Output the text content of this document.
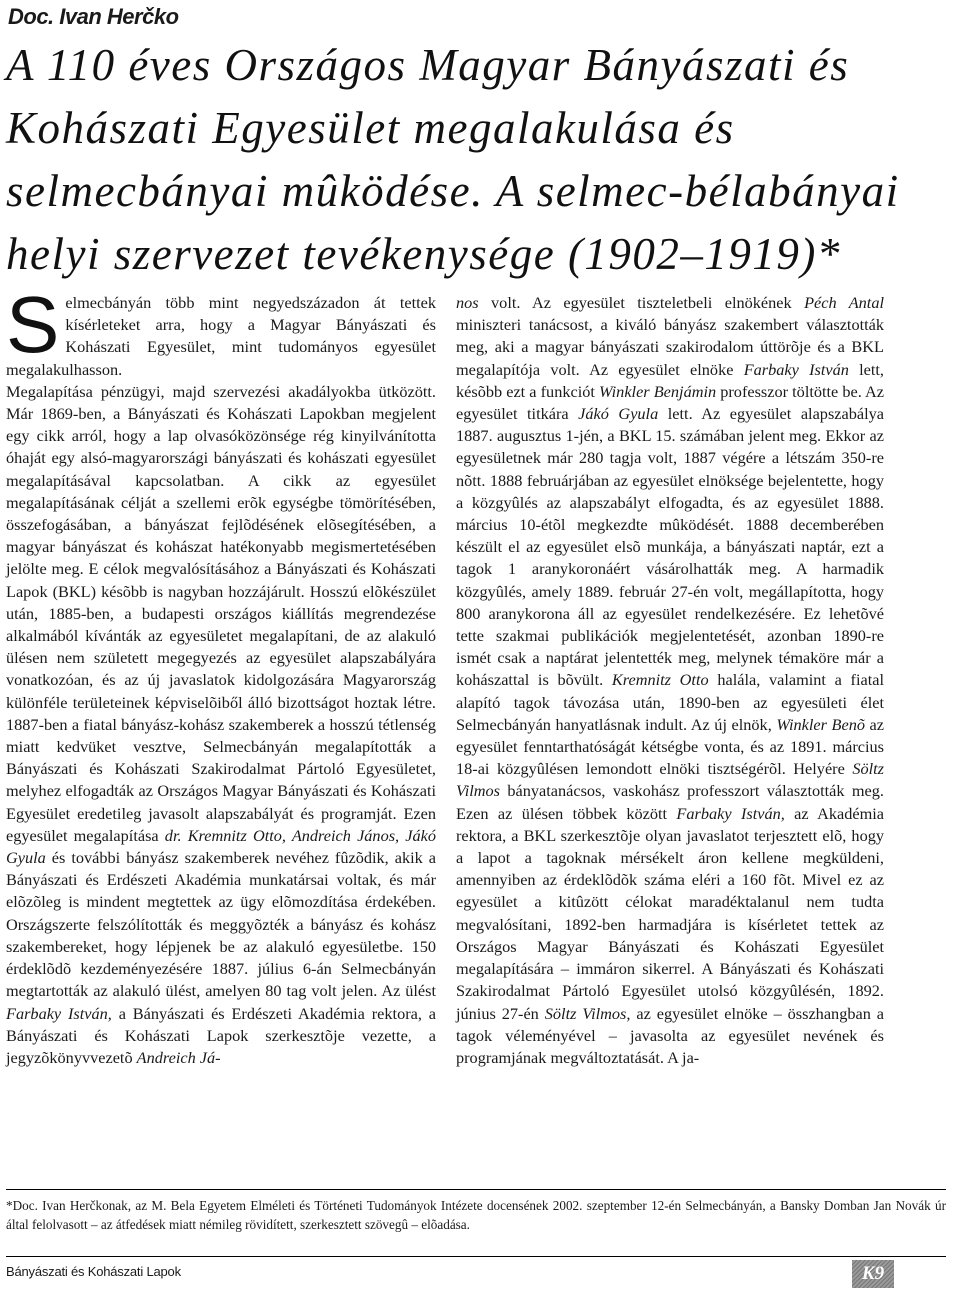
Doc. Ivan Herčko
A 110 éves Országos Magyar Bányászati és Kohászati Egyesület megalakulása és selmecbányai mûködése. A selmec-bélabányai helyi szervezet tevékenysége (1902–1919)*

Selmecbányán több mint negyedszázadon át tettek kísérleteket arra, hogy a Magyar Bányászati és Kohászati Egyesület, mint tudományos egyesület megalakulhasson.

Megalapítása pénzügyi, majd szervezési akadályokba ütközött. Már 1869-ben, a Bányászati és Kohászati Lapokban megjelent egy cikk arról, hogy a lap olvasóközönsége rég kinyilvánította óhaját egy alsó-magyarországi bányászati és kohászati egyesület megalapításával kapcsolatban. A cikk az egyesület megalapításának célját a szellemi erõk egységbe tömörítésében, összefogásában, a bányászat fejlõdésének elõsegítésében, a magyar bányászat és kohászat hatékonyabb megismertetésében jelölte meg. E célok megvalósításához a Bányászati és Kohászati Lapok (BKL) késõbb is nagyban hozzájárult. Hosszú elõkészület után, 1885-ben, a budapesti országos kiállítás megrendezése alkalmából kívánták az egyesületet megalapítani, de az alakuló ülésen nem született megegyezés az egyesület alapszabályára vonatkozóan, és az új javaslatok kidolgozására Magyarország különféle területeinek képviselõiből álló bizottságot hoztak létre. 1887-ben a fiatal bányász-kohász szakemberek a hosszú tétlenség miatt kedvüket vesztve, Selmecbányán megalapították a Bányászati és Kohászati Szakirodalmat Pártoló Egyesületet, melyhez elfogadták az Országos Magyar Bányászati és Kohászati Egyesület eredetileg javasolt alapszabályát és programját. Ezen egyesület megalapítása dr. Kremnitz Otto, Andreich János, Jákó Gyula és további bányász szakemberek nevéhez fûzõdik, akik a Bányászati és Erdészeti Akadémia munkatársai voltak, és már elõzõleg is mindent megtettek az ügy elõmozdítása érdekében. Országszerte felszólították és meggyõzték a bányász és kohász szakembereket, hogy lépjenek be az alakuló egyesületbe. 150 érdeklõdõ kezdeményezésére 1887. július 6-án Selmecbányán megtartották az alakuló ülést, amelyen 80 tag volt jelen. Az ülést Farbaky István, a Bányászati és Erdészeti Akadémia rektora, a Bányászati és Kohászati Lapok szerkesztõje vezette, a jegyzõkönyvvezetõ Andreich Já-

nos volt. Az egyesület tiszteletbeli elnökének Péch Antal miniszteri tanácsost, a kiváló bányász szakembert választották meg, aki a magyar bányászati szakirodalom úttörõje és a BKL megalapítója volt. Az egyesület elnöke Farbaky István lett, késõbb ezt a funkciót Winkler Benjámin professzor töltötte be. Az egyesület titkára Jákó Gyula lett. Az egyesület alapszabálya 1887. augusztus 1-jén, a BKL 15. számában jelent meg. Ekkor az egyesületnek már 280 tagja volt, 1887 végére a létszám 350-re nõtt. 1888 februárjában az egyesület elnöksége bejelentette, hogy a közgyûlés az alapszabályt elfogadta, és az egyesület 1888. március 10-étõl megkezdte mûködését. 1888 decemberében készült el az egyesület elsõ munkája, a bányászati naptár, ezt a tagok 1 aranykoronáért vásárolhatták meg. A harmadik közgyûlés, amely 1889. február 27-én volt, megállapította, hogy 800 aranykorona áll az egyesület rendelkezésére. Ez lehetõvé tette szakmai publikációk megjelentetését, azonban 1890-re ismét csak a naptárat jelentették meg, melynek témaköre már a kohászattal is bõvült. Kremnitz Otto halála, valamint a fiatal alapító tagok távozása után, 1890-ben az egyesületi élet Selmecbányán hanyatlásnak indult. Az új elnök, Winkler Benõ az egyesület fenntarthatóságát kétségbe vonta, és az 1891. március 18-ai közgyûlésen lemondott elnöki tisztségérõl. Helyére Söltz Vilmos bányatanácsos, vaskohász professzort választották meg. Ezen az ülésen többek között Farbaky István, az Akadémia rektora, a BKL szerkesztõje olyan javaslatot terjesztett elõ, hogy a lapot a tagoknak mérsékelt áron kellene megküldeni, amennyiben az érdeklõdõk száma eléri a 160 fõt. Mivel ez az egyesület a kitûzött célokat maradéktalanul nem tudta megvalósítani, 1892-ben harmadjára is kísérletet tettek az Országos Magyar Bányászati és Kohászati Egyesület megalapítására – immáron sikerrel. A Bányászati és Kohászati Szakirodalmat Pártoló Egyesület utolsó közgyûlésén, 1892. június 27-én Söltz Vilmos, az egyesület elnöke – összhangban a tagok véleményével – javasolta az egyesület nevének és programjának megváltoztatását. A ja-

*Doc. Ivan Herčkonak, az M. Bela Egyetem Elméleti és Történeti Tudományok Intézete docensének 2002. szeptember 12-én Selmecbányán, a Bansky Domban Jan Novák úr által felolvasott – az átfedések miatt némileg rövidített, szerkesztett szövegû – elõadása.
Bányászati és Kohászati Lapok	K9
